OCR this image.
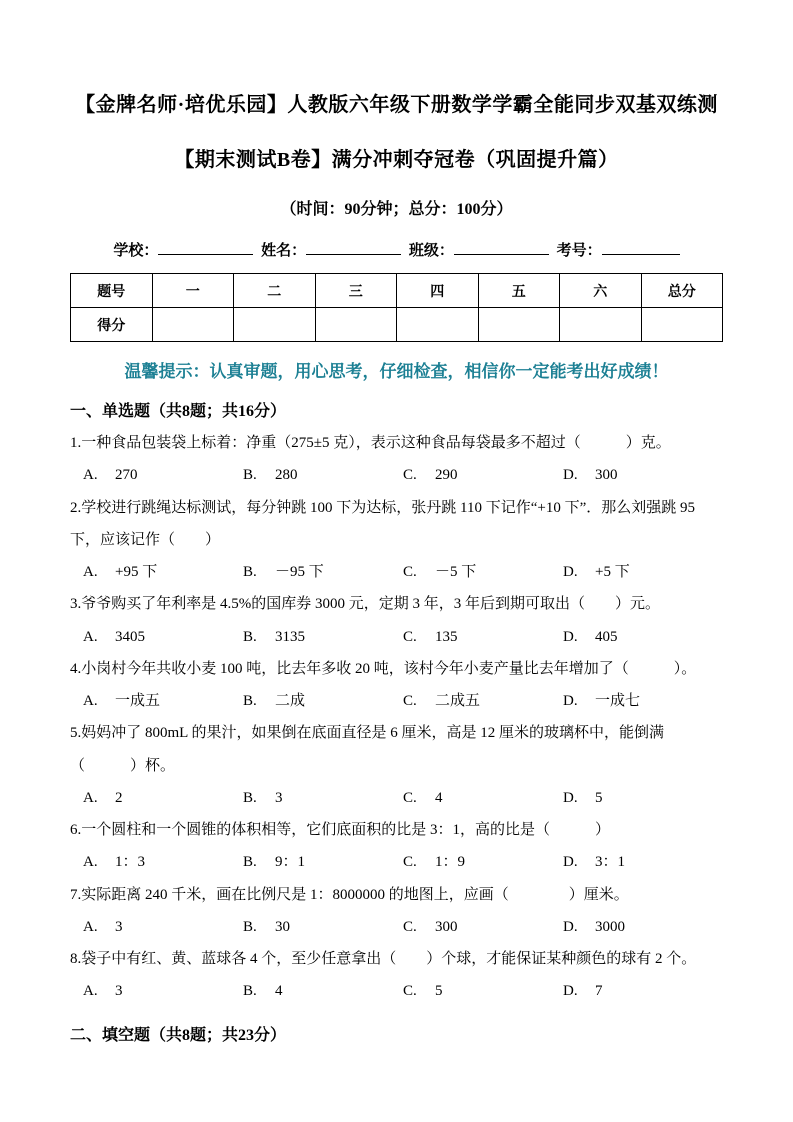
【金牌名师·培优乐园】人教版六年级下册数学学霸全能同步双基双练测
【期末测试B卷】满分冲刺夺冠卷（巩固提升篇）
（时间：90分钟；总分：100分）
学校：	姓名：	班级：	考号：
题号	一	二	三	四	五	六	总分
得分							
温馨提示：认真审题，用心思考，仔细检查，相信你一定能考出好成绩！
一、单选题（共8题；共16分）
1.一种食品包装袋上标着：净重（275±5 克），表示这种食品每袋最多不超过（　　　）克。
A. 270	B. 280	C. 290	D. 300
2.学校进行跳绳达标测试，每分钟跳 100 下为达标，张丹跳 110 下记作“+10 下”．那么刘强跳 95 下，应该记作（　　）
A. +95 下	B. －95 下	C. －5 下	D. +5 下
3.爷爷购买了年利率是 4.5%的国库券 3000 元，定期 3 年，3 年后到期可取出（　　）元。
A. 3405	B. 3135	C. 135	D. 405
4.小岗村今年共收小麦 100 吨，比去年多收 20 吨，该村今年小麦产量比去年增加了（　　　）。
A. 一成五	B. 二成	C. 二成五	D. 一成七
5.妈妈冲了 800mL 的果汁，如果倒在底面直径是 6 厘米，高是 12 厘米的玻璃杯中，能倒满（　　　）杯。
A. 2	B. 3	C. 4	D. 5
6.一个圆柱和一个圆锥的体积相等，它们底面积的比是 3：1，高的比是（　　　）
A. 1：3	B. 9：1	C. 1：9	D. 3：1
7.实际距离 240 千米，画在比例尺是 1：8000000 的地图上，应画（　　　　）厘米。
A. 3	B. 30	C. 300	D. 3000
8.袋子中有红、黄、蓝球各 4 个，至少任意拿出（　　）个球，才能保证某种颜色的球有 2 个。
A. 3	B. 4	C. 5	D. 7
二、填空题（共8题；共23分）
